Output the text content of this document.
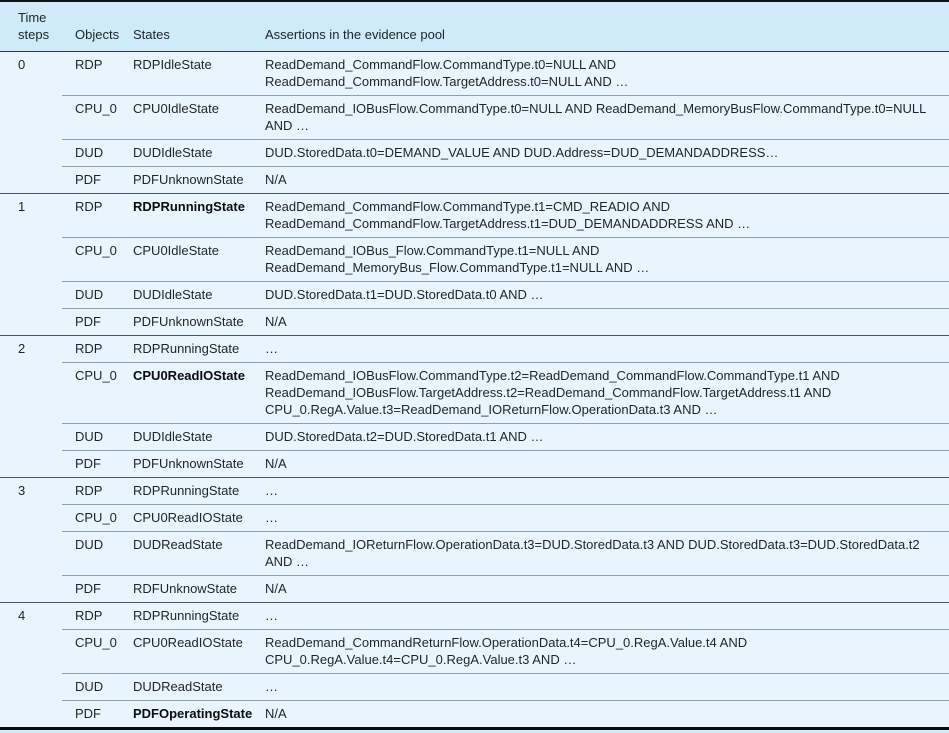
Time steps	Objects	States	Assertions in the evidence pool
0	RDP	RDPIdleState	ReadDemand_CommandFlow.CommandType.t0=NULL AND ReadDemand_CommandFlow.TargetAddress.t0=NULL AND …
CPU_0	CPU0IdleState	ReadDemand_IOBusFlow.CommandType.t0=NULL AND ReadDemand_MemoryBusFlow.CommandType.t0=NULL AND …
DUD	DUDIdleState	DUD.StoredData.t0=DEMAND_VALUE AND DUD.Address=DUD_DEMANDADDRESS…
PDF	PDFUnknownState	N/A
1	RDP	RDPRunningState	ReadDemand_CommandFlow.CommandType.t1=CMD_READIO AND ReadDemand_CommandFlow.TargetAddress.t1=DUD_DEMANDADDRESS AND …
CPU_0	CPU0IdleState	ReadDemand_IOBus_Flow.CommandType.t1=NULL AND ReadDemand_MemoryBus_Flow.CommandType.t1=NULL AND …
DUD	DUDIdleState	DUD.StoredData.t1=DUD.StoredData.t0 AND …
PDF	PDFUnknownState	N/A
2	RDP	RDPRunningState	…
CPU_0	CPU0ReadIOState	ReadDemand_IOBusFlow.CommandType.t2=ReadDemand_CommandFlow.CommandType.t1 AND ReadDemand_IOBusFlow.TargetAddress.t2=ReadDemand_CommandFlow.TargetAddress.t1 AND CPU_0.RegA.Value.t3=ReadDemand_IOReturnFlow.OperationData.t3 AND …
DUD	DUDIdleState	DUD.StoredData.t2=DUD.StoredData.t1 AND …
PDF	PDFUnknownState	N/A
3	RDP	RDPRunningState	…
CPU_0	CPU0ReadIOState	…
DUD	DUDReadState	ReadDemand_IOReturnFlow.OperationData.t3=DUD.StoredData.t3 AND DUD.StoredData.t3=DUD.StoredData.t2 AND …
PDF	RDFUnknowState	N/A
4	RDP	RDPRunningState	…
CPU_0	CPU0ReadIOState	ReadDemand_CommandReturnFlow.OperationData.t4=CPU_0.RegA.Value.t4 AND CPU_0.RegA.Value.t4=CPU_0.RegA.Value.t3 AND …
DUD	DUDReadState	…
PDF	PDFOperatingState N/A
